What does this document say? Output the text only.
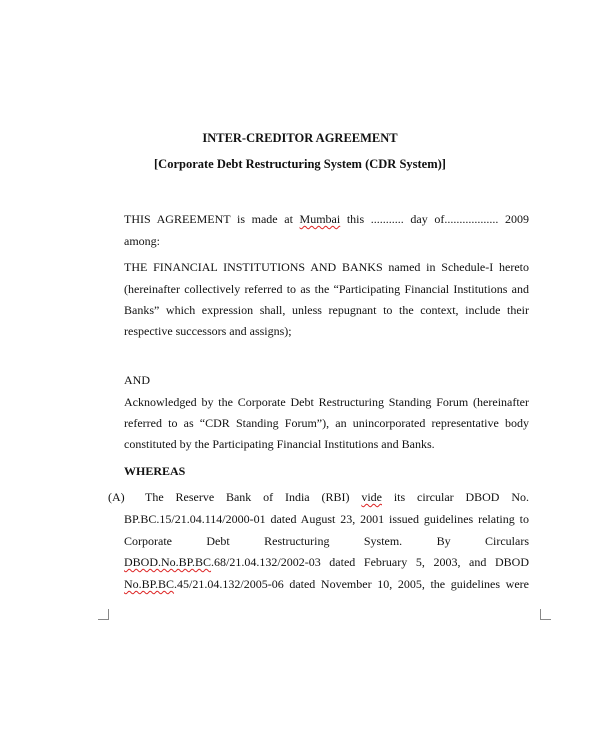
INTER-CREDITOR AGREEMENT
[Corporate Debt Restructuring System (CDR System)]
THIS AGREEMENT is made at Mumbai this ........... day of.................. 2009
among:
THE FINANCIAL INSTITUTIONS AND BANKS named in Schedule-I hereto
(hereinafter collectively referred to as the “Participating Financial Institutions and
Banks” which expression shall, unless repugnant to the context, include their
respective successors and assigns);
AND
Acknowledged by the Corporate Debt Restructuring Standing Forum (hereinafter
referred to as “CDR Standing Forum”), an unincorporated representative body
constituted by the Participating Financial Institutions and Banks.
WHEREAS
(A) The Reserve Bank of India (RBI) vide its circular DBOD No.
BP.BC.15/21.04.114/2000-01 dated August 23, 2001 issued guidelines relating to
Corporate Debt Restructuring System. By Circulars
DBOD.No.BP.BC.68/21.04.132/2002-03 dated February 5, 2003, and DBOD
No.BP.BC.45/21.04.132/2005-06 dated November 10, 2005, the guidelines were
